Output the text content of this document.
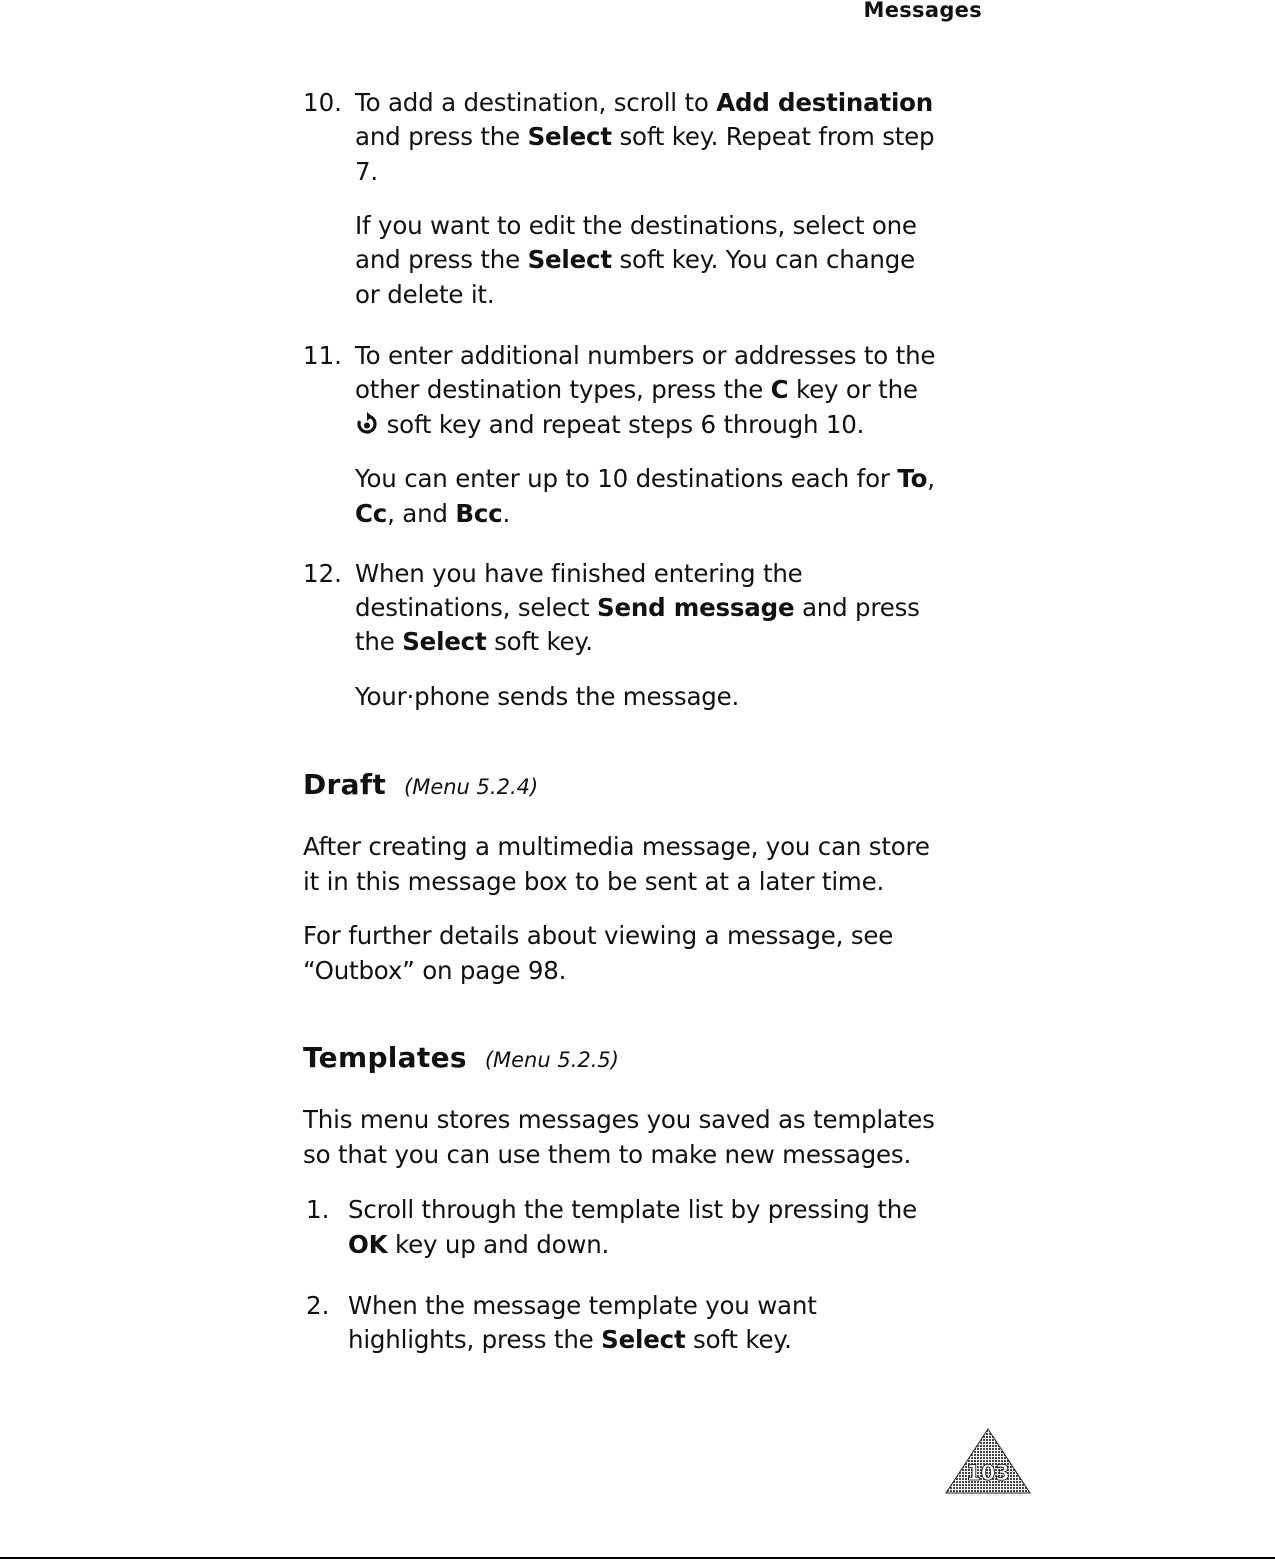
Messages
10. To add a destination, scroll to Add destination

and press the Select soft key. Repeat from step

7.

If you want to edit the destinations, select one

and press the Select soft key. You can change

or delete it.

11. To enter additional numbers or addresses to the

other destination types, press the C key or the

soft key and repeat steps 6 through 10.

You can enter up to 10 destinations each for To,

Cc, and Bcc.

12. When you have finished entering the

destinations, select Send message and press

the Select soft key.

Your·phone sends the message.

Draft (Menu 5.2.4)

After creating a multimedia message, you can store

it in this message box to be sent at a later time.

For further details about viewing a message, see

“Outbox” on page 98.

Templates (Menu 5.2.5)

This menu stores messages you saved as templates

so that you can use them to make new messages.

1. Scroll through the template list by pressing the

OK key up and down.

2. When the message template you want

highlights, press the Select soft key.

103
